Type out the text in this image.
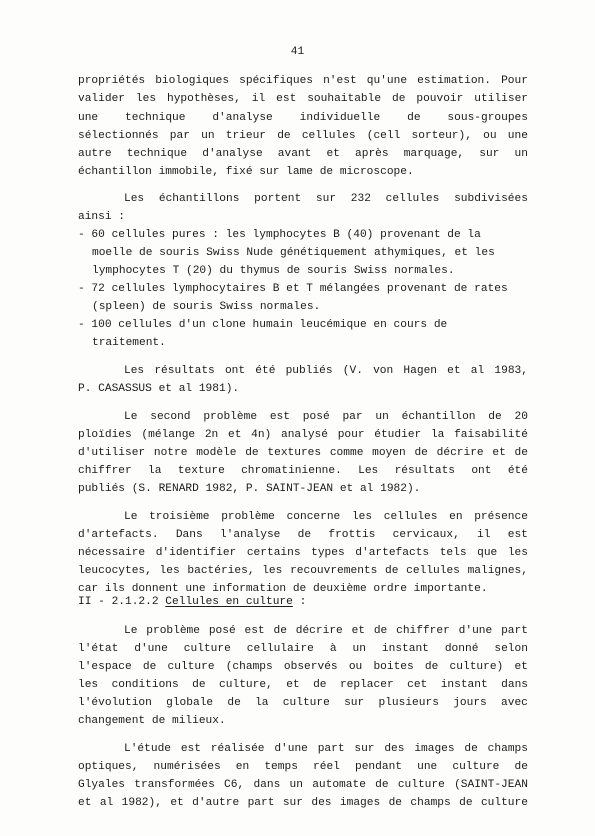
41
propriétés biologiques spécifiques n'est qu'une estimation. Pour
valider les hypothèses, il est souhaitable de pouvoir utiliser
une technique d'analyse individuelle de sous-groupes
sélectionnés par un trieur de cellules (cell sorteur), ou une
autre technique d'analyse avant et après marquage, sur un
échantillon immobile, fixé sur lame de microscope.
Les échantillons portent sur 232 cellules subdivisées
ainsi :
- 60 cellules pures : les lymphocytes B (40) provenant de la
moelle de souris Swiss Nude génétiquement athymiques, et les
lymphocytes T (20) du thymus de souris Swiss normales.
- 72 cellules lymphocytaires B et T mélangées provenant de rates
(spleen) de souris Swiss normales.
- 100 cellules d'un clone humain leucémique en cours de
traitement.
Les résultats ont été publiés (V. von Hagen et al 1983,
P. CASASSUS et al 1981).
Le second problème est posé par un échantillon de 20
ploïdies (mélange 2n et 4n) analysé pour étudier la faisabilité
d'utiliser notre modèle de textures comme moyen de décrire et de
chiffrer la texture chromatinienne. Les résultats ont été
publiés (S. RENARD 1982, P. SAINT-JEAN et al 1982).
Le troisième problème concerne les cellules en présence
d'artefacts. Dans l'analyse de frottis cervicaux, il est
nécessaire d'identifier certains types d'artefacts tels que les
leucocytes, les bactéries, les recouvrements de cellules malignes,
car ils donnent une information de deuxième ordre importante.
II - 2.1.2.2 Cellules en culture :
Le problème posé est de décrire et de chiffrer d'une part
l'état d'une culture cellulaire à un instant donné selon
l'espace de culture (champs observés ou boites de culture) et
les conditions de culture, et de replacer cet instant dans
l'évolution globale de la culture sur plusieurs jours avec
changement de milieux.
L'étude est réalisée d'une part sur des images de champs
optiques, numérisées en temps réel pendant une culture de
Glyales transformées C6, dans un automate de culture (SAINT-JEAN
et al 1982), et d'autre part sur des images de champs de culture
